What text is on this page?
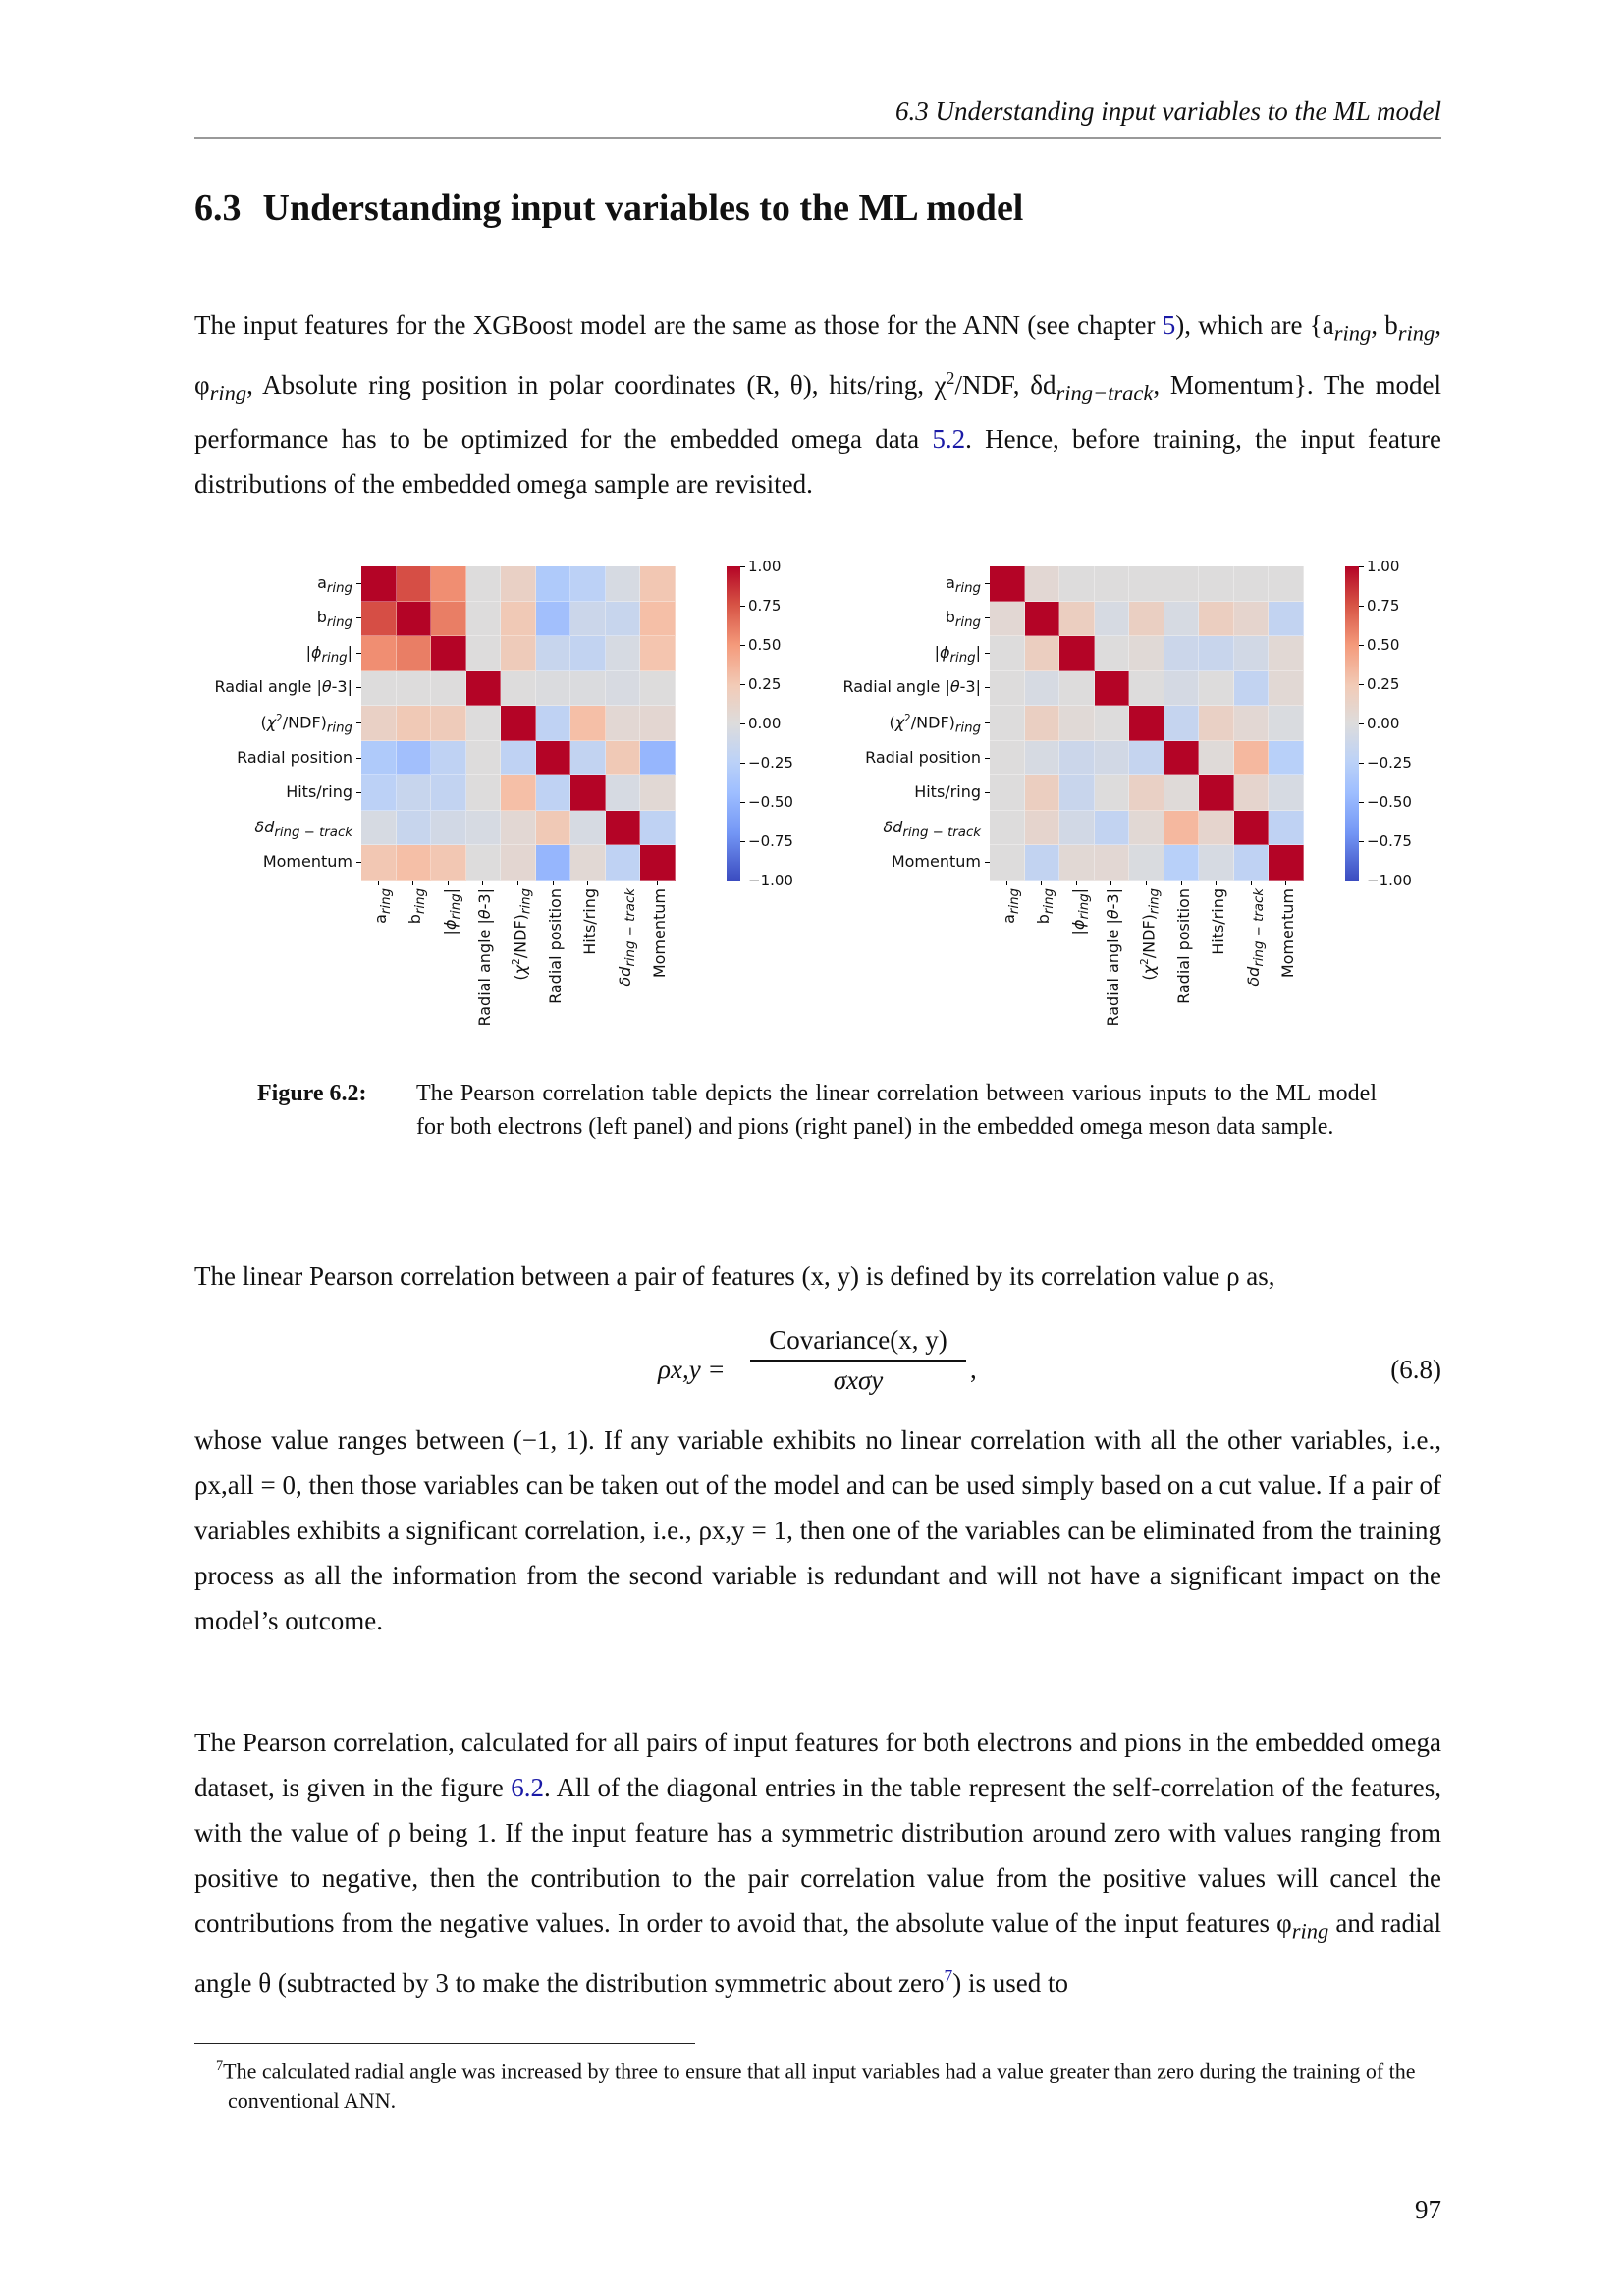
6.3 Understanding input variables to the ML model
6.3 Understanding input variables to the ML model
The input features for the XGBoost model are the same as those for the ANN (see chapter 5), which are {$a_{ring}$, $b_{ring}$, $\varphi_{ring}$, Absolute ring position in polar coordinates (R, θ), hits/ring, $\chi^2$/NDF, $\delta d_{ring-track}$, Momentum}. The model performance has to be optimized for the embedded omega data 5.2. Hence, before training, the input feature distributions of the embedded omega sample are revisited.
$a_{ring}$
$b_{ring}$
$|\phi_{ring}|$
Radial angle |θ-3|
$(\chi^2/NDF)_{ring}$
Radial position
Hits/ring
$\delta d_{ring - track}$
Momentum
$a_{ring}$
$b_{ring}$
$|\phi_{ring}|$
Radial angle |θ-3|
$(\chi^2/NDF)_{ring}$ Radial position Hits/ring
$\delta d_{ring - track}$ Momentum
1.00
0.75
0.50
0.25
0.00
−0.25
−0.50
−0.75
−1.00
$a_{ring}$
$b_{ring}$
$|\phi_{ring}|$
Radial angle |θ-3|
$(\chi^2/NDF)_{ring}$
Radial position
Hits/ring
$\delta d_{ring - track}$
Momentum
$a_{ring}$
$b_{ring}$
$|\phi_{ring}|$
Radial angle |θ-3|
$(\chi^2/NDF)_{ring}$ Radial position Hits/ring
$\delta d_{ring - track}$ Momentum
1.00
0.75
0.50
0.25
0.00
−0.25
−0.50
−0.75
−1.00
Figure 6.2: The Pearson correlation table depicts the linear correlation between various inputs to the ML model for both electrons (left panel) and pions (right panel) in the embedded omega meson data sample.
The linear Pearson correlation between a pair of features (x, y) is defined by its correlation value ρ as,
ρx,y =
Covariance(x, y)
σxσy	,	(6.8)
whose value ranges between (−1, 1). If any variable exhibits no linear correlation with all the other variables, i.e., ρx,all = 0, then those variables can be taken out of the model and can be used simply based on a cut value. If a pair of variables exhibits a significant correlation, i.e., ρx,y = 1, then one of the variables can be eliminated from the training process as all the information from the second variable is redundant and will not have a significant impact on the model’s outcome.
The Pearson correlation, calculated for all pairs of input features for both electrons and pions in the embedded omega dataset, is given in the figure 6.2. All of the diagonal entries in the table represent the self-correlation of the features, with the value of ρ being 1. If the input feature has a symmetric distribution around zero with values ranging from positive to negative, then the contribution to the pair correlation value from the positive values will cancel the contributions from the negative values. In order to avoid that, the absolute value of the input features $\varphi_{ring}$ and radial angle θ (subtracted by 3 to make the distribution symmetric about zero$^7$) is used to
$^7$The calculated radial angle was increased by three to ensure that all input variables had a value greater than zero during the training of the conventional ANN.
97
